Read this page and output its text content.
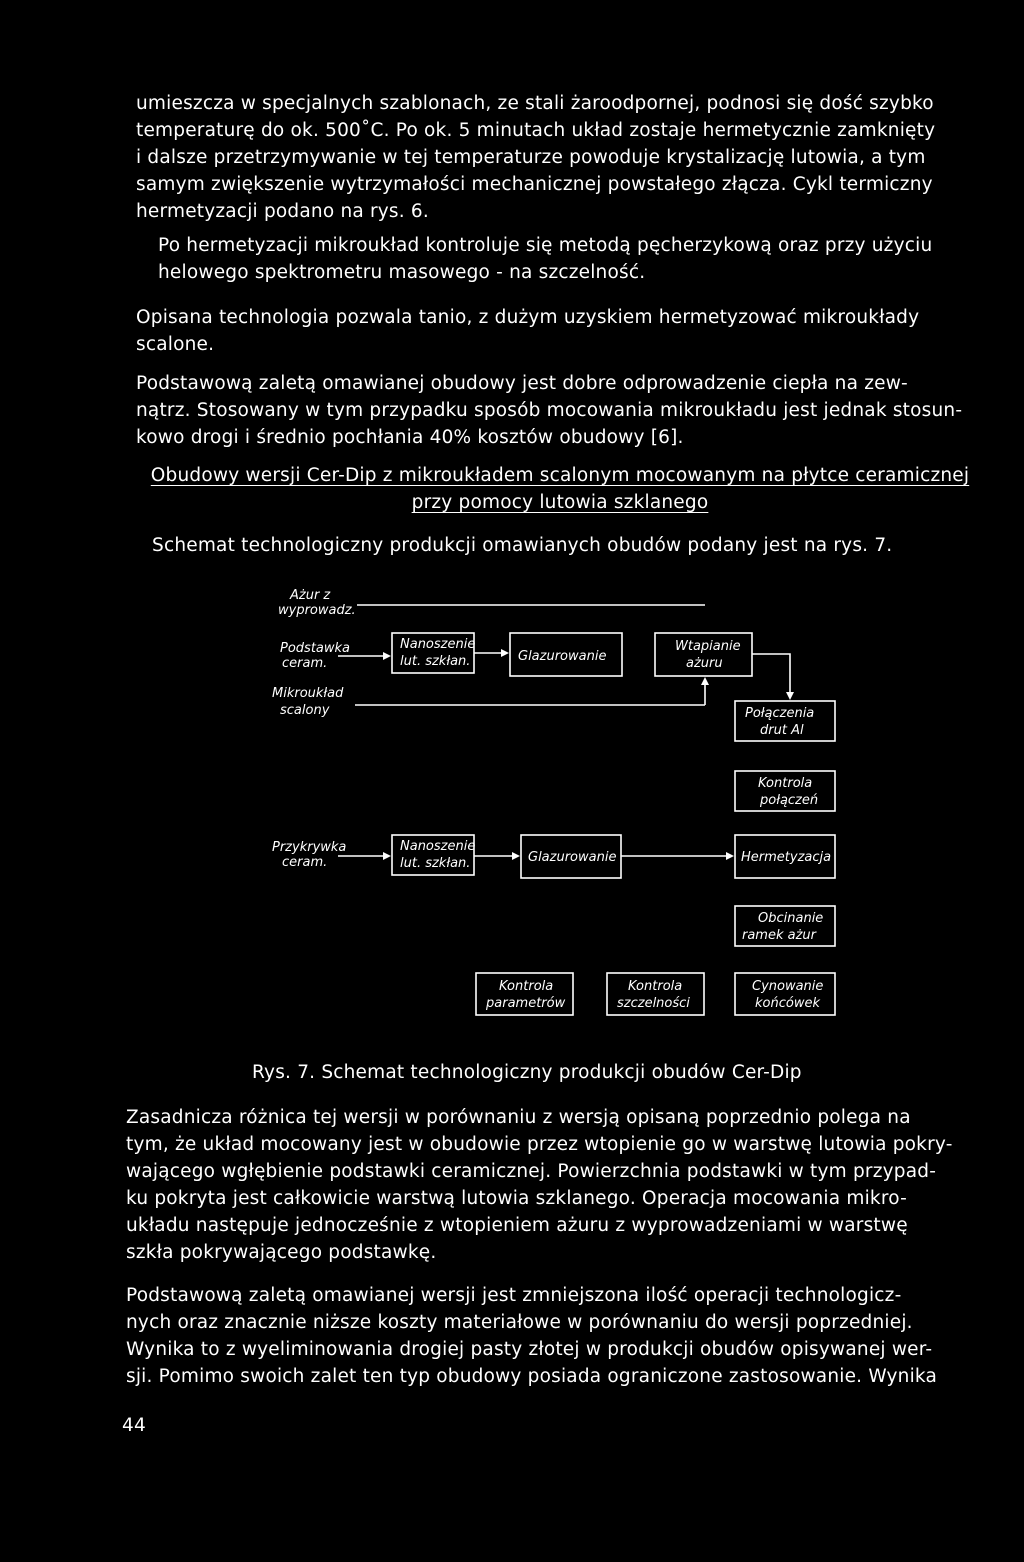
umieszcza w specjalnych szablonach, ze stali żaroodpornej, podnosi się dość szybko
temperaturę do ok. 500˚C. Po ok. 5 minutach układ zostaje hermetycznie zamknięty
i dalsze przetrzymywanie w tej temperaturze powoduje krystalizację lutowia, a tym
samym zwiększenie wytrzymałości mechanicznej powstałego złącza. Cykl termiczny
hermetyzacji podano na rys. 6.

Po hermetyzacji mikroukład kontroluje się metodą pęcherzykową oraz przy użyciu
helowego spektrometru masowego - na szczelność.

Opisana technologia pozwala tanio, z dużym uzyskiem hermetyzować mikroukłady
scalone.

Podstawową zaletą omawianej obudowy jest dobre odprowadzenie ciepła na zew-
nątrz. Stosowany w tym przypadku sposób mocowania mikroukładu jest jednak stosun-
kowo drogi i średnio pochłania 40% kosztów obudowy [6].

Obudowy wersji Cer-Dip z mikroukładem scalonym mocowanym na płytce ceramicznej
przy pomocy lutowia szklanego

Schemat technologiczny produkcji omawianych obudów podany jest na rys. 7.

Ażur z
wyprowadz.
Podstawka
ceram.
Mikroukład
scalony
Przykrywka
ceram.
Nanoszenie
lut. szkłan.	Glazurowanie
Wtapianie
ażuru
Połączenia
drut Al
Kontrola
połączeń
Nanoszenie
lut. szkłan.	Glazurowanie	Hermetyzacja
Obcinanie
ramek ażur
Kontrola
parametrów
Kontrola
szczelności
Cynowanie
końcówek
Rys. 7. Schemat technologiczny produkcji obudów Cer-Dip

Zasadnicza różnica tej wersji w porównaniu z wersją opisaną poprzednio polega na
tym, że układ mocowany jest w obudowie przez wtopienie go w warstwę lutowia pokry-
wającego wgłębienie podstawki ceramicznej. Powierzchnia podstawki w tym przypad-
ku pokryta jest całkowicie warstwą lutowia szklanego. Operacja mocowania mikro-
układu następuje jednocześnie z wtopieniem ażuru z wyprowadzeniami w warstwę
szkła pokrywającego podstawkę.

Podstawową zaletą omawianej wersji jest zmniejszona ilość operacji technologicz-
nych oraz znacznie niższe koszty materiałowe w porównaniu do wersji poprzedniej.
Wynika to z wyeliminowania drogiej pasty złotej w produkcji obudów opisywanej wer-
sji. Pomimo swoich zalet ten typ obudowy posiada ograniczone zastosowanie. Wynika

44
